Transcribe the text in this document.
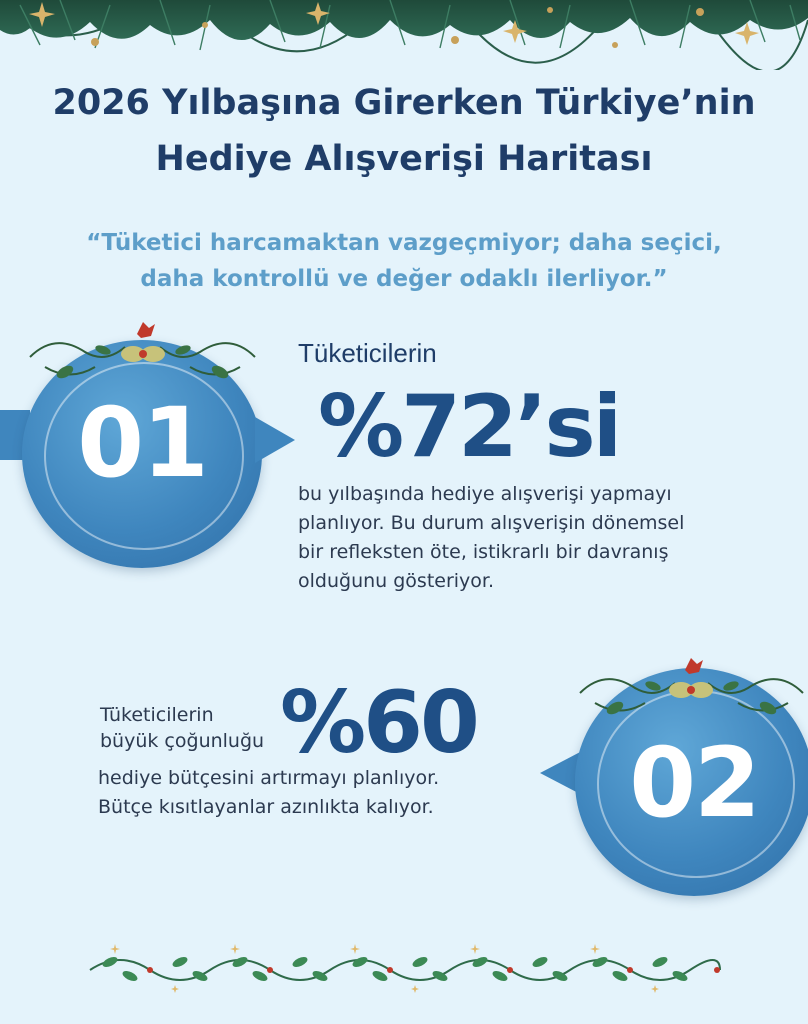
2026 Yılbaşına Girerken Türkiye’nin
Hediye Alışverişi Haritası
“Tüketici harcamaktan vazgeçmiyor; daha seçici,
daha kontrollü ve değer odaklı ilerliyor.”
01
Tüketicilerin
%72’si
bu yılbaşında hediye alışverişi yapmayı
planlıyor. Bu durum alışverişin dönemsel
bir refleksten öte, istikrarlı bir davranış
olduğunu gösteriyor.
Tüketicilerin
büyük çoğunluğu %60
hediye bütçesini artırmayı planlıyor.
Bütçe kısıtlayanlar azınlıkta kalıyor.	02
